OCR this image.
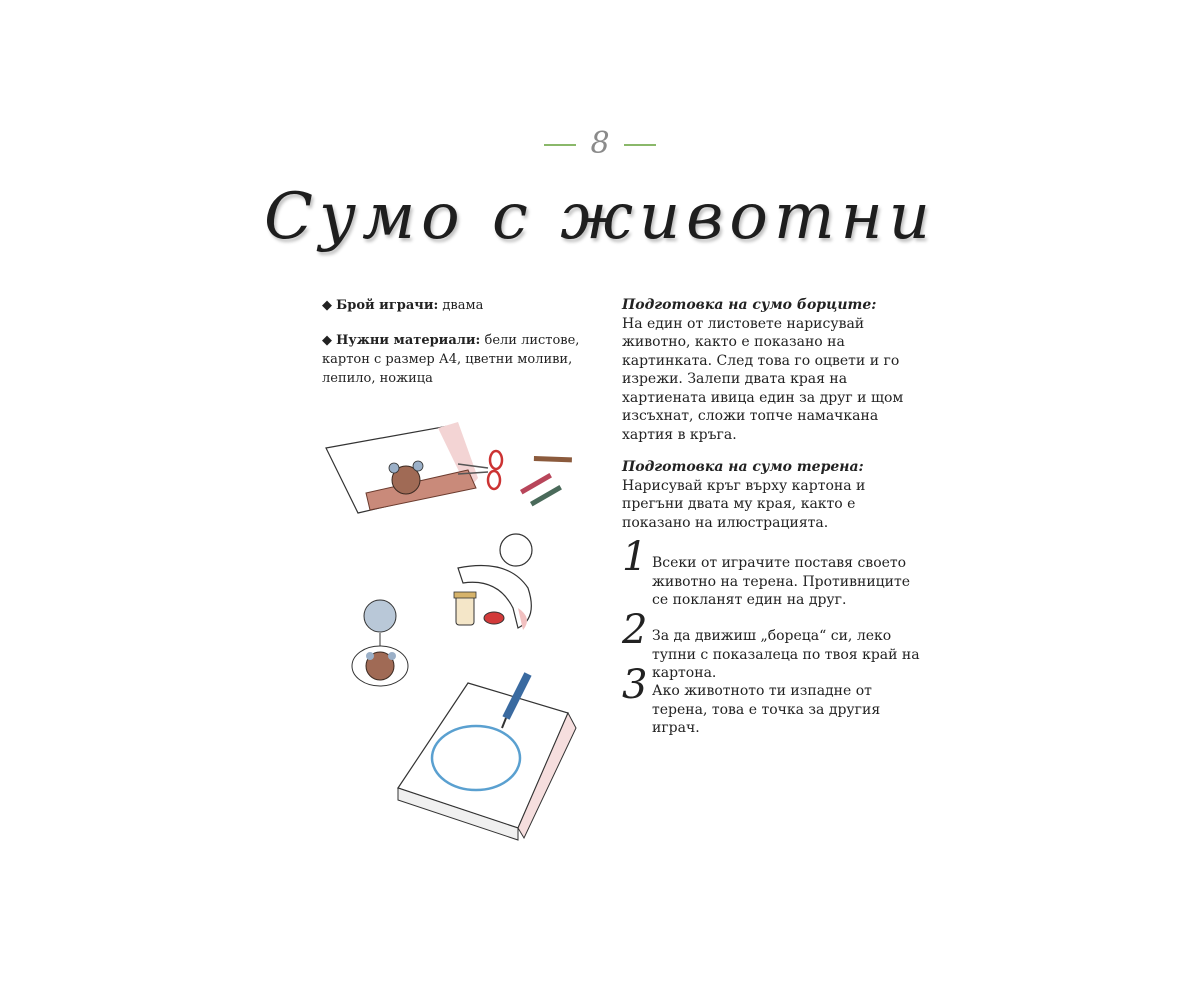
8
Сумо с животни

◆ Брой играчи: двама

◆ Нужни материали: бели листове, картон с размер А4, цветни моливи, лепило, ножица

Подготовка на сумо борците:

На един от листовете нарисувай животно, както е показано на картинката. След това го оцвети и го изрежи. Залепи двата края на хартиената ивица един за друг и щом изсъхнат, сложи топче намачкана хартия в кръга.

Подготовка на сумо терена:

Нарисувай кръг върху картона и прегъни двата му края, както е показано на илюстрацията.

1 Всеки от играчите поставя своето животно на терена. Противниците се покланят един на друг.
2 За да движиш „бореца“ си, леко тупни с показалеца по твоя край на картона.
3 Ако животното ти изпадне от терена, това е точка за другия играч.
